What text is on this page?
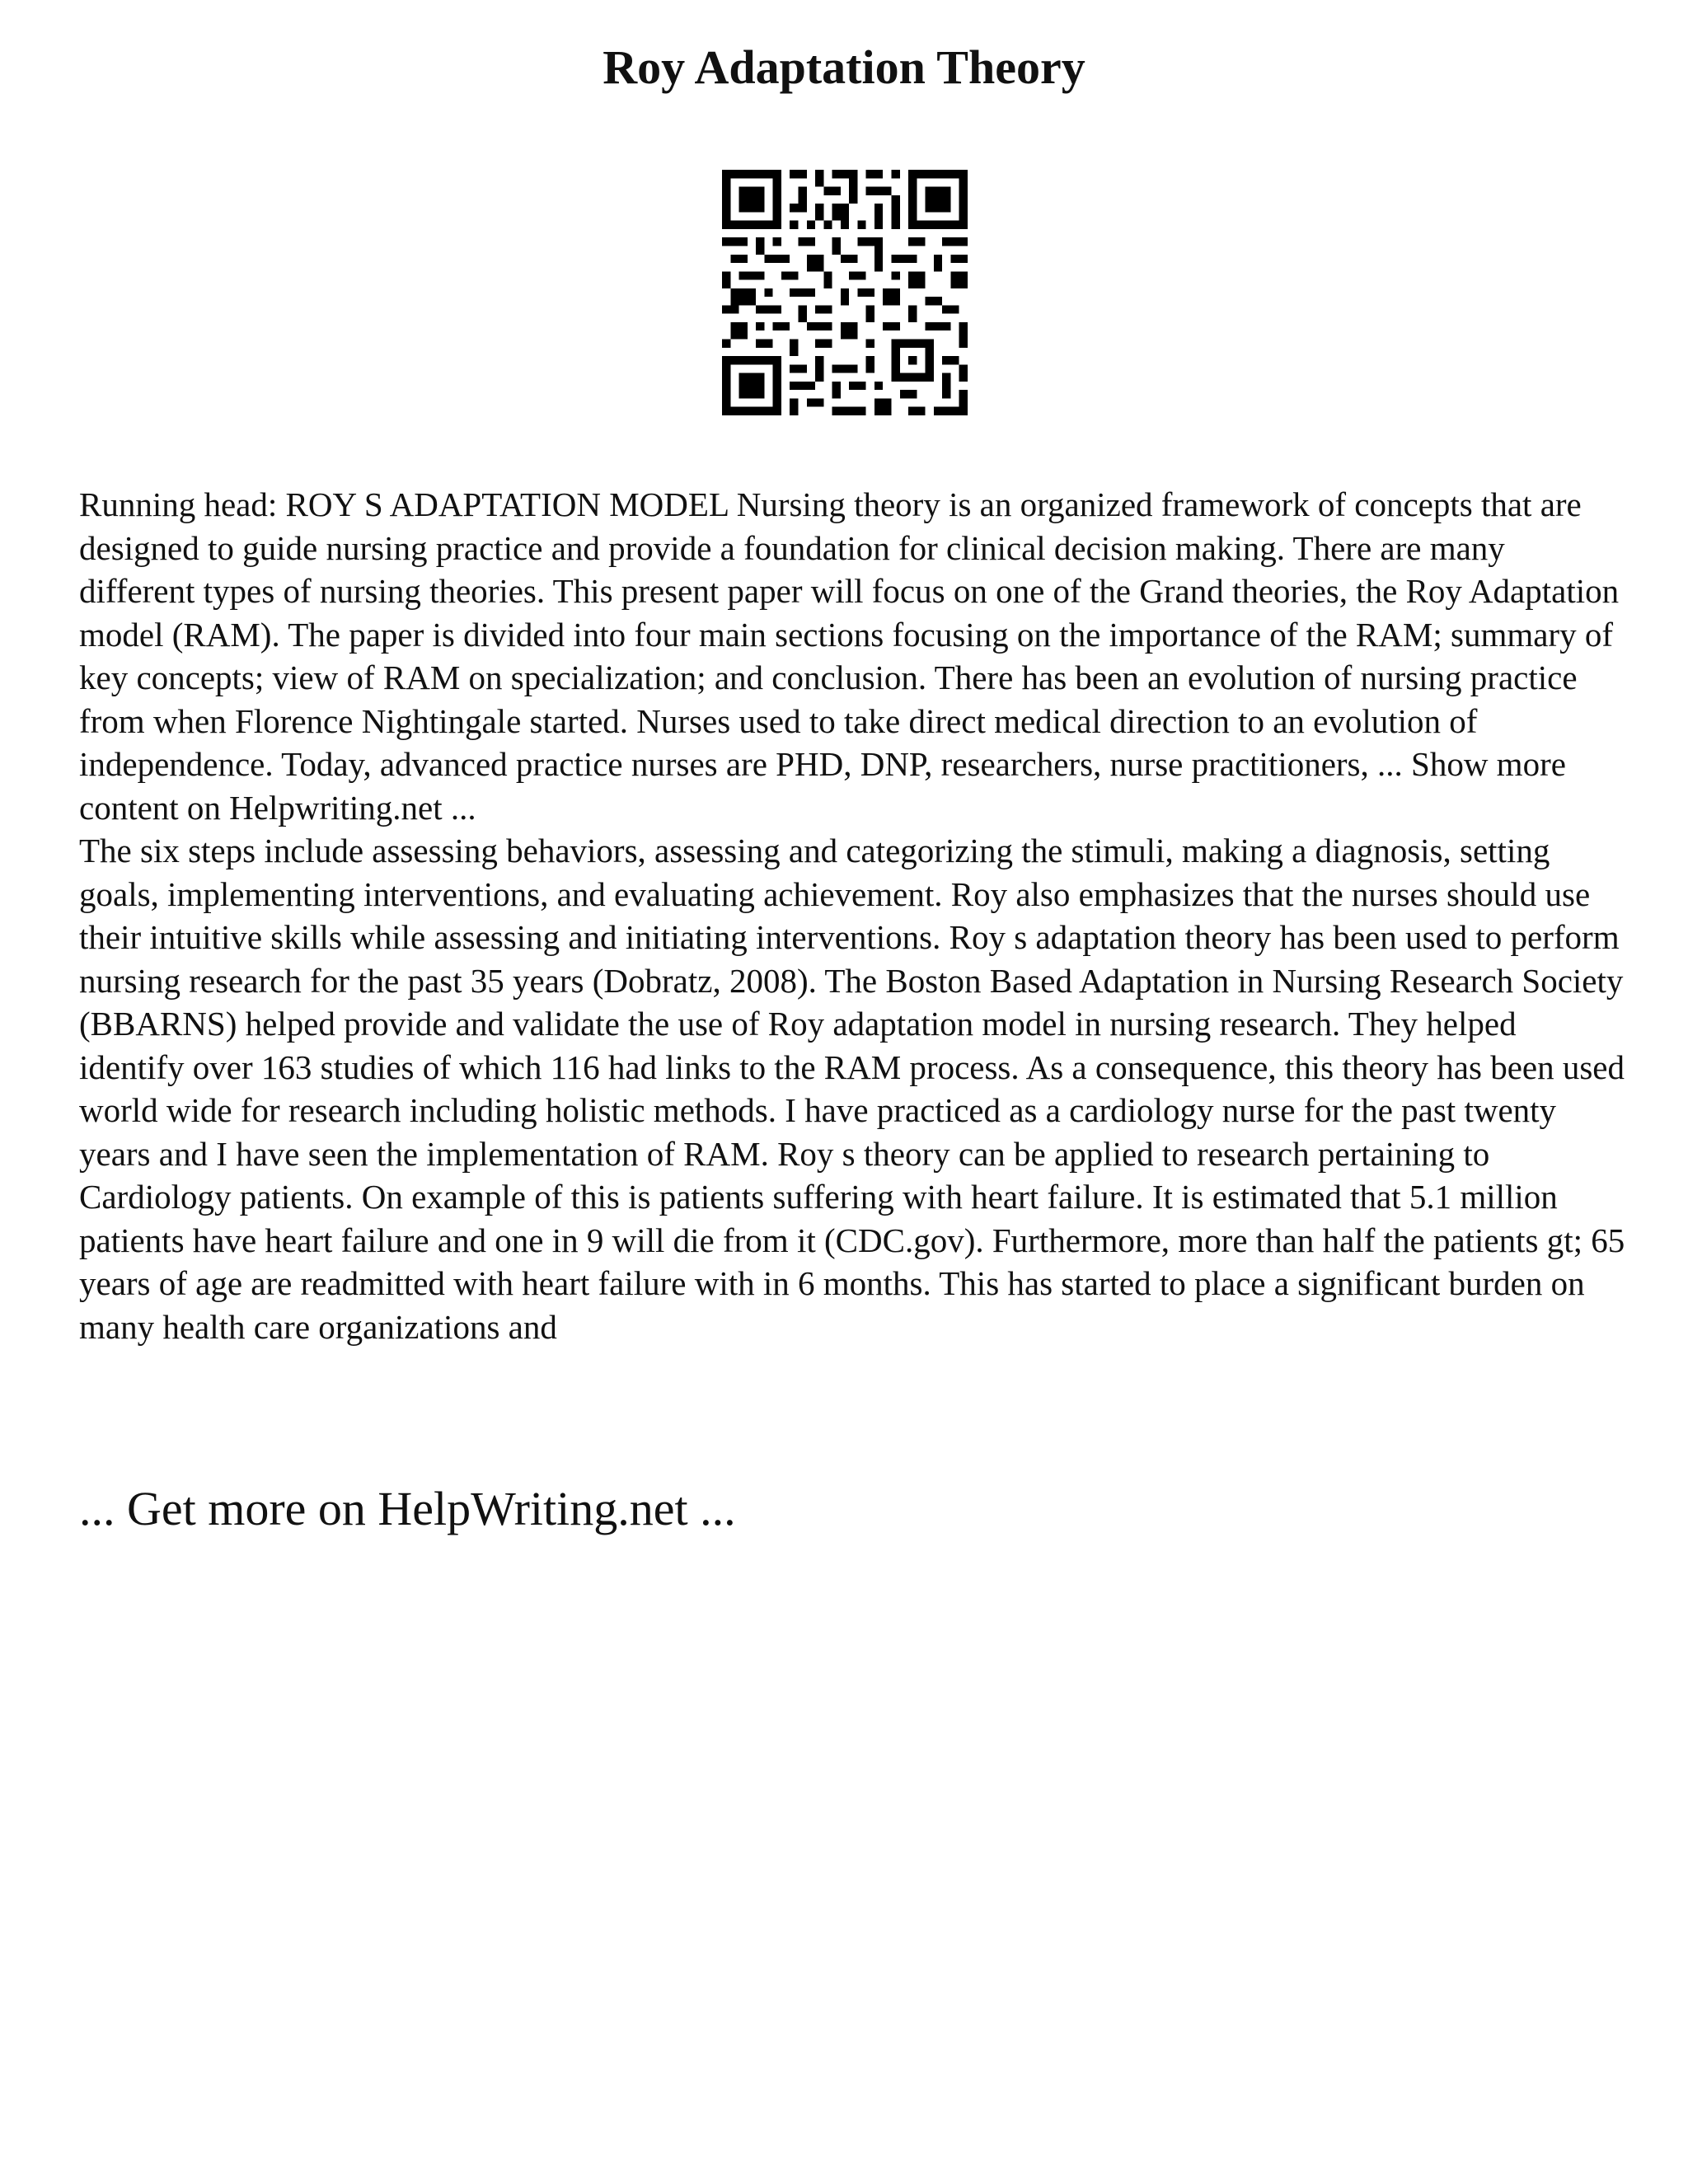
Roy Adaptation Theory

Running head: ROY S ADAPTATION MODEL Nursing theory is an organized framework of concepts that are designed to guide nursing practice and provide a foundation for clinical decision making. There are many different types of nursing theories. This present paper will focus on one of the Grand theories, the Roy Adaptation model (RAM). The paper is divided into four main sections focusing on the importance of the RAM; summary of key concepts; view of RAM on specialization; and conclusion. There has been an evolution of nursing practice from when Florence Nightingale started. Nurses used to take direct medical direction to an evolution of independence. Today, advanced practice nurses are PHD, DNP, researchers, nurse practitioners, ... Show more content on Helpwriting.net ...

The six steps include assessing behaviors, assessing and categorizing the stimuli, making a diagnosis, setting goals, implementing interventions, and evaluating achievement. Roy also emphasizes that the nurses should use their intuitive skills while assessing and initiating interventions. Roy s adaptation theory has been used to perform nursing research for the past 35 years (Dobratz, 2008). The Boston Based Adaptation in Nursing Research Society (BBARNS) helped provide and validate the use of Roy adaptation model in nursing research. They helped identify over 163 studies of which 116 had links to the RAM process. As a consequence, this theory has been used world wide for research including holistic methods. I have practiced as a cardiology nurse for the past twenty years and I have seen the implementation of RAM. Roy s theory can be applied to research pertaining to Cardiology patients. On example of this is patients suffering with heart failure. It is estimated that 5.1 million patients have heart failure and one in 9 will die from it (CDC.gov). Furthermore, more than half the patients gt; 65 years of age are readmitted with heart failure with in 6 months. This has started to place a significant burden on many health care organizations and

... Get more on HelpWriting.net ...
